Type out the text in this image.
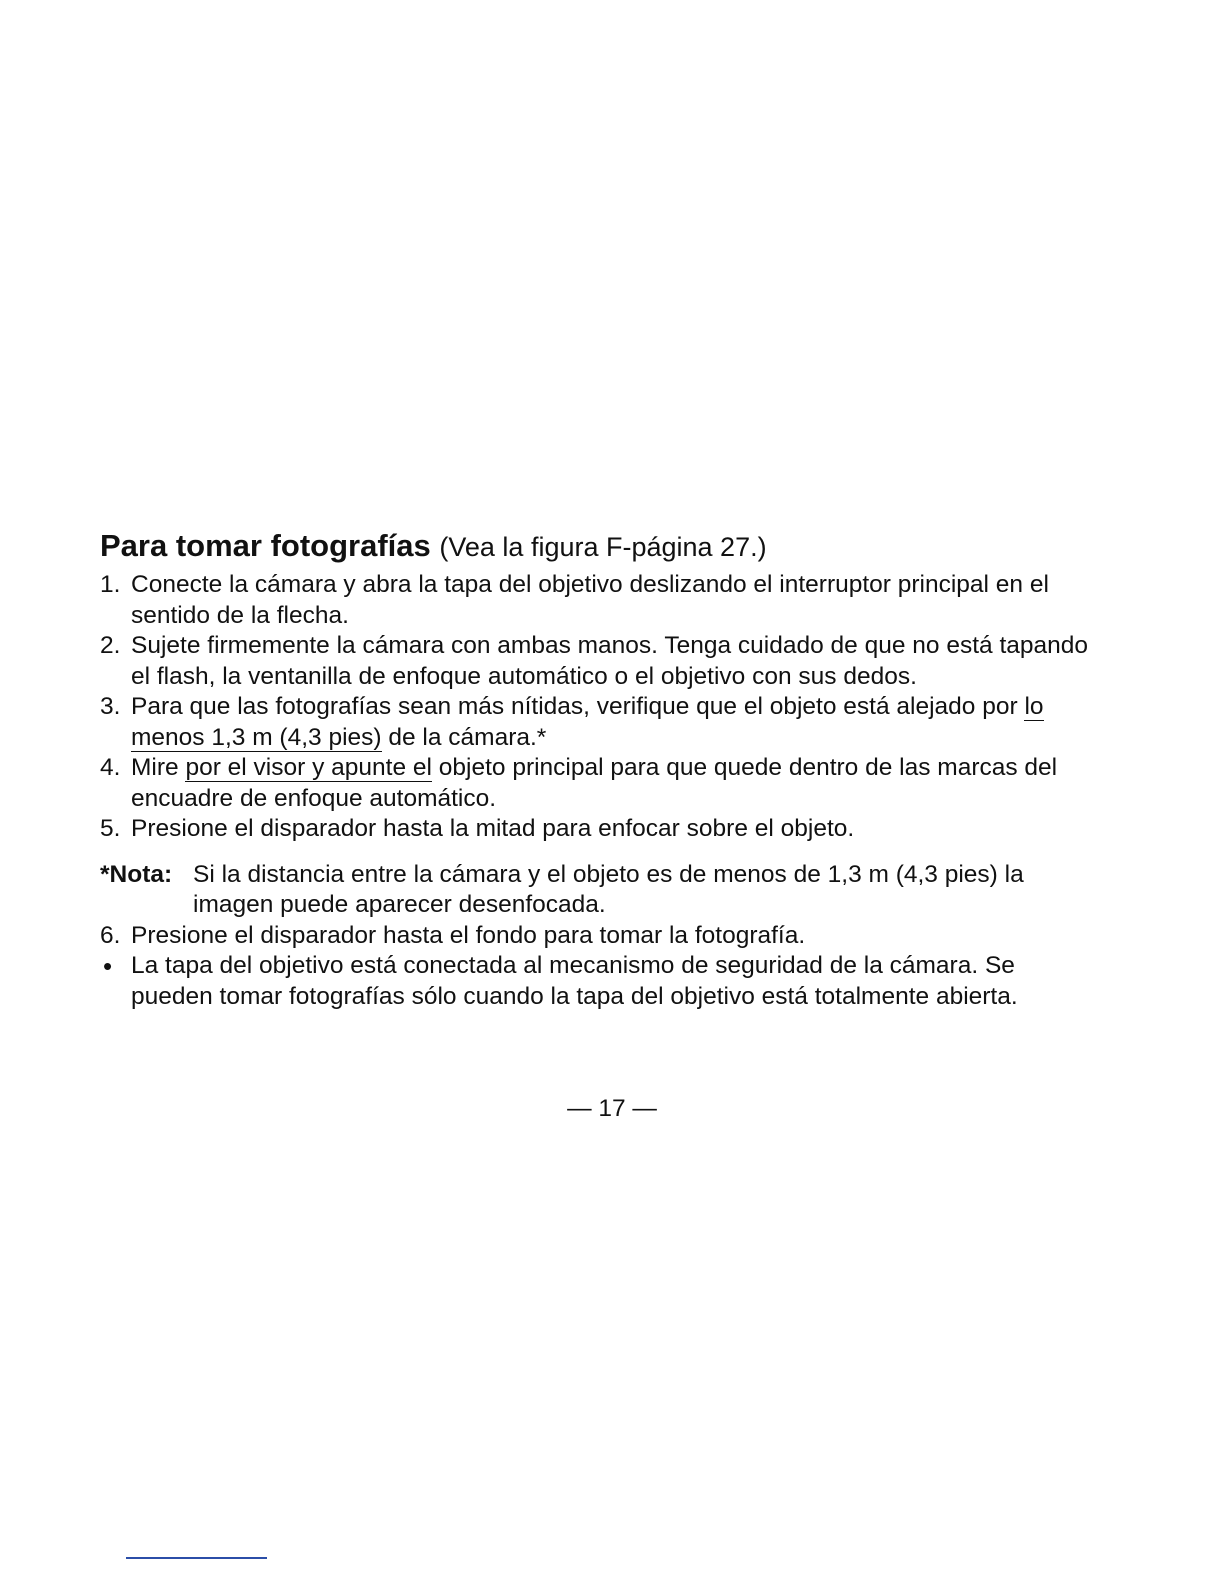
Para tomar fotografías (Vea la figura F-página 27.)
1. Conecte la cámara y abra la tapa del objetivo deslizando el interruptor principal en el sentido de la flecha.
2. Sujete firmemente la cámara con ambas manos. Tenga cuidado de que no está tapando el flash, la ventanilla de enfoque automático o el objetivo con sus dedos.
3. Para que las fotografías sean más nítidas, verifique que el objeto está alejado por lo menos 1,3 m (4,3 pies) de la cámara.*
4. Mire por el visor y apunte el objeto principal para que quede dentro de las marcas del encuadre de enfoque automático.
5. Presione el disparador hasta la mitad para enfocar sobre el objeto.
*Nota: Si la distancia entre la cámara y el objeto es de menos de 1,3 m (4,3 pies) la imagen puede aparecer desenfocada.
6. Presione el disparador hasta el fondo para tomar la fotografía.
• La tapa del objetivo está conectada al mecanismo de seguridad de la cámara. Se pueden tomar fotografías sólo cuando la tapa del objetivo está totalmente abierta.
— 17 —
